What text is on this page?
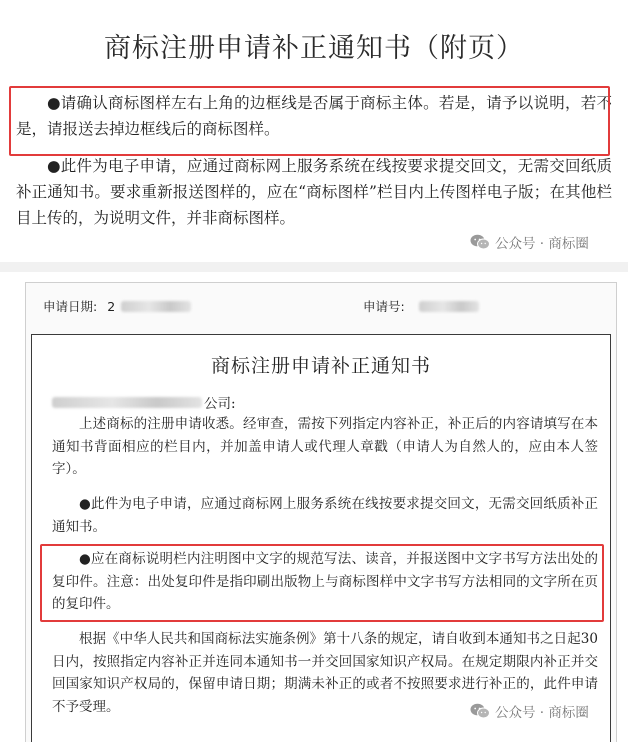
商标注册申请补正通知书（附页）
●请确认商标图样左右上角的边框线是否属于商标主体。若是，请予以说明，若不是，请报送去掉边框线后的商标图样。
●此件为电子申请，应通过商标网上服务系统在线按要求提交回文，无需交回纸质补正通知书。要求重新报送图样的，应在“商标图样”栏目内上传图样电子版；在其他栏目上传的，为说明文件，并非商标图样。
公众号 · 商标圈
申请日期: 2	申请号:
商标注册申请补正通知书
公司:
上述商标的注册申请收悉。经审查，需按下列指定内容补正，补正后的内容请填写在本通知书背面相应的栏目内，并加盖申请人或代理人章戳（申请人为自然人的，应由本人签字）。
●此件为电子申请，应通过商标网上服务系统在线按要求提交回文，无需交回纸质补正通知书。
●应在商标说明栏内注明图中文字的规范写法、读音，并报送图中文字书写方法出处的复印件。注意：出处复印件是指印刷出版物上与商标图样中文字书写方法相同的文字所在页的复印件。
根据《中华人民共和国商标法实施条例》第十八条的规定，请自收到本通知书之日起30日内，按照指定内容补正并连同本通知书一并交回国家知识产权局。在规定期限内补正并交回国家知识产权局的，保留申请日期；期满未补正的或者不按照要求进行补正的，此件申请不予受理。	公众号 · 商标圈
